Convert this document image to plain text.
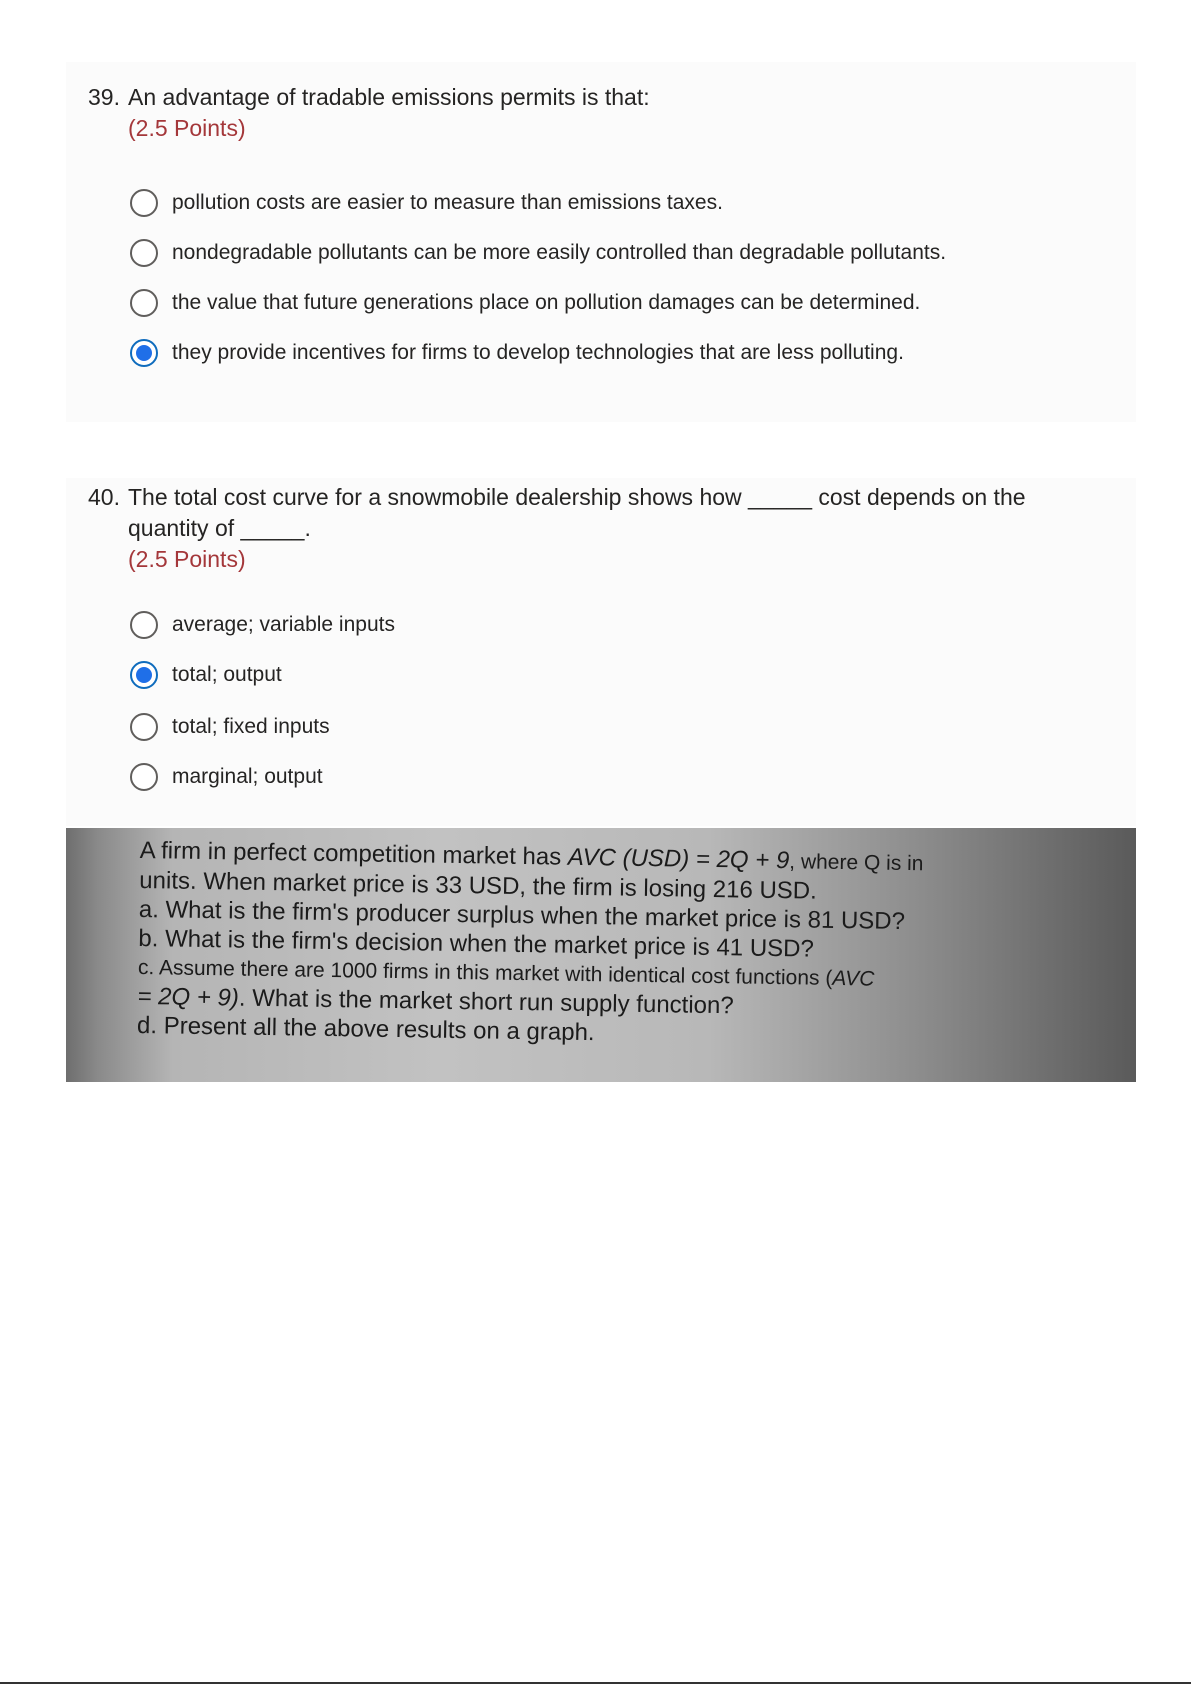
39. An advantage of tradable emissions permits is that:
(2.5 Points)
pollution costs are easier to measure than emissions taxes.
nondegradable pollutants can be more easily controlled than degradable pollutants.
the value that future generations place on pollution damages can be determined.
they provide incentives for firms to develop technologies that are less polluting.
40. The total cost curve for a snowmobile dealership shows how _____ cost depends on the quantity of _____.
(2.5 Points)
average; variable inputs
total; output
total; fixed inputs
marginal; output
A firm in perfect competition market has AVC (USD) = 2Q + 9, where Q is in
units. When market price is 33 USD, the firm is losing 216 USD.
a. What is the firm's producer surplus when the market price is 81 USD?
b. What is the firm's decision when the market price is 41 USD?
c. Assume there are 1000 firms in this market with identical cost functions (AVC
= 2Q + 9). What is the market short run supply function?
d. Present all the above results on a graph.
